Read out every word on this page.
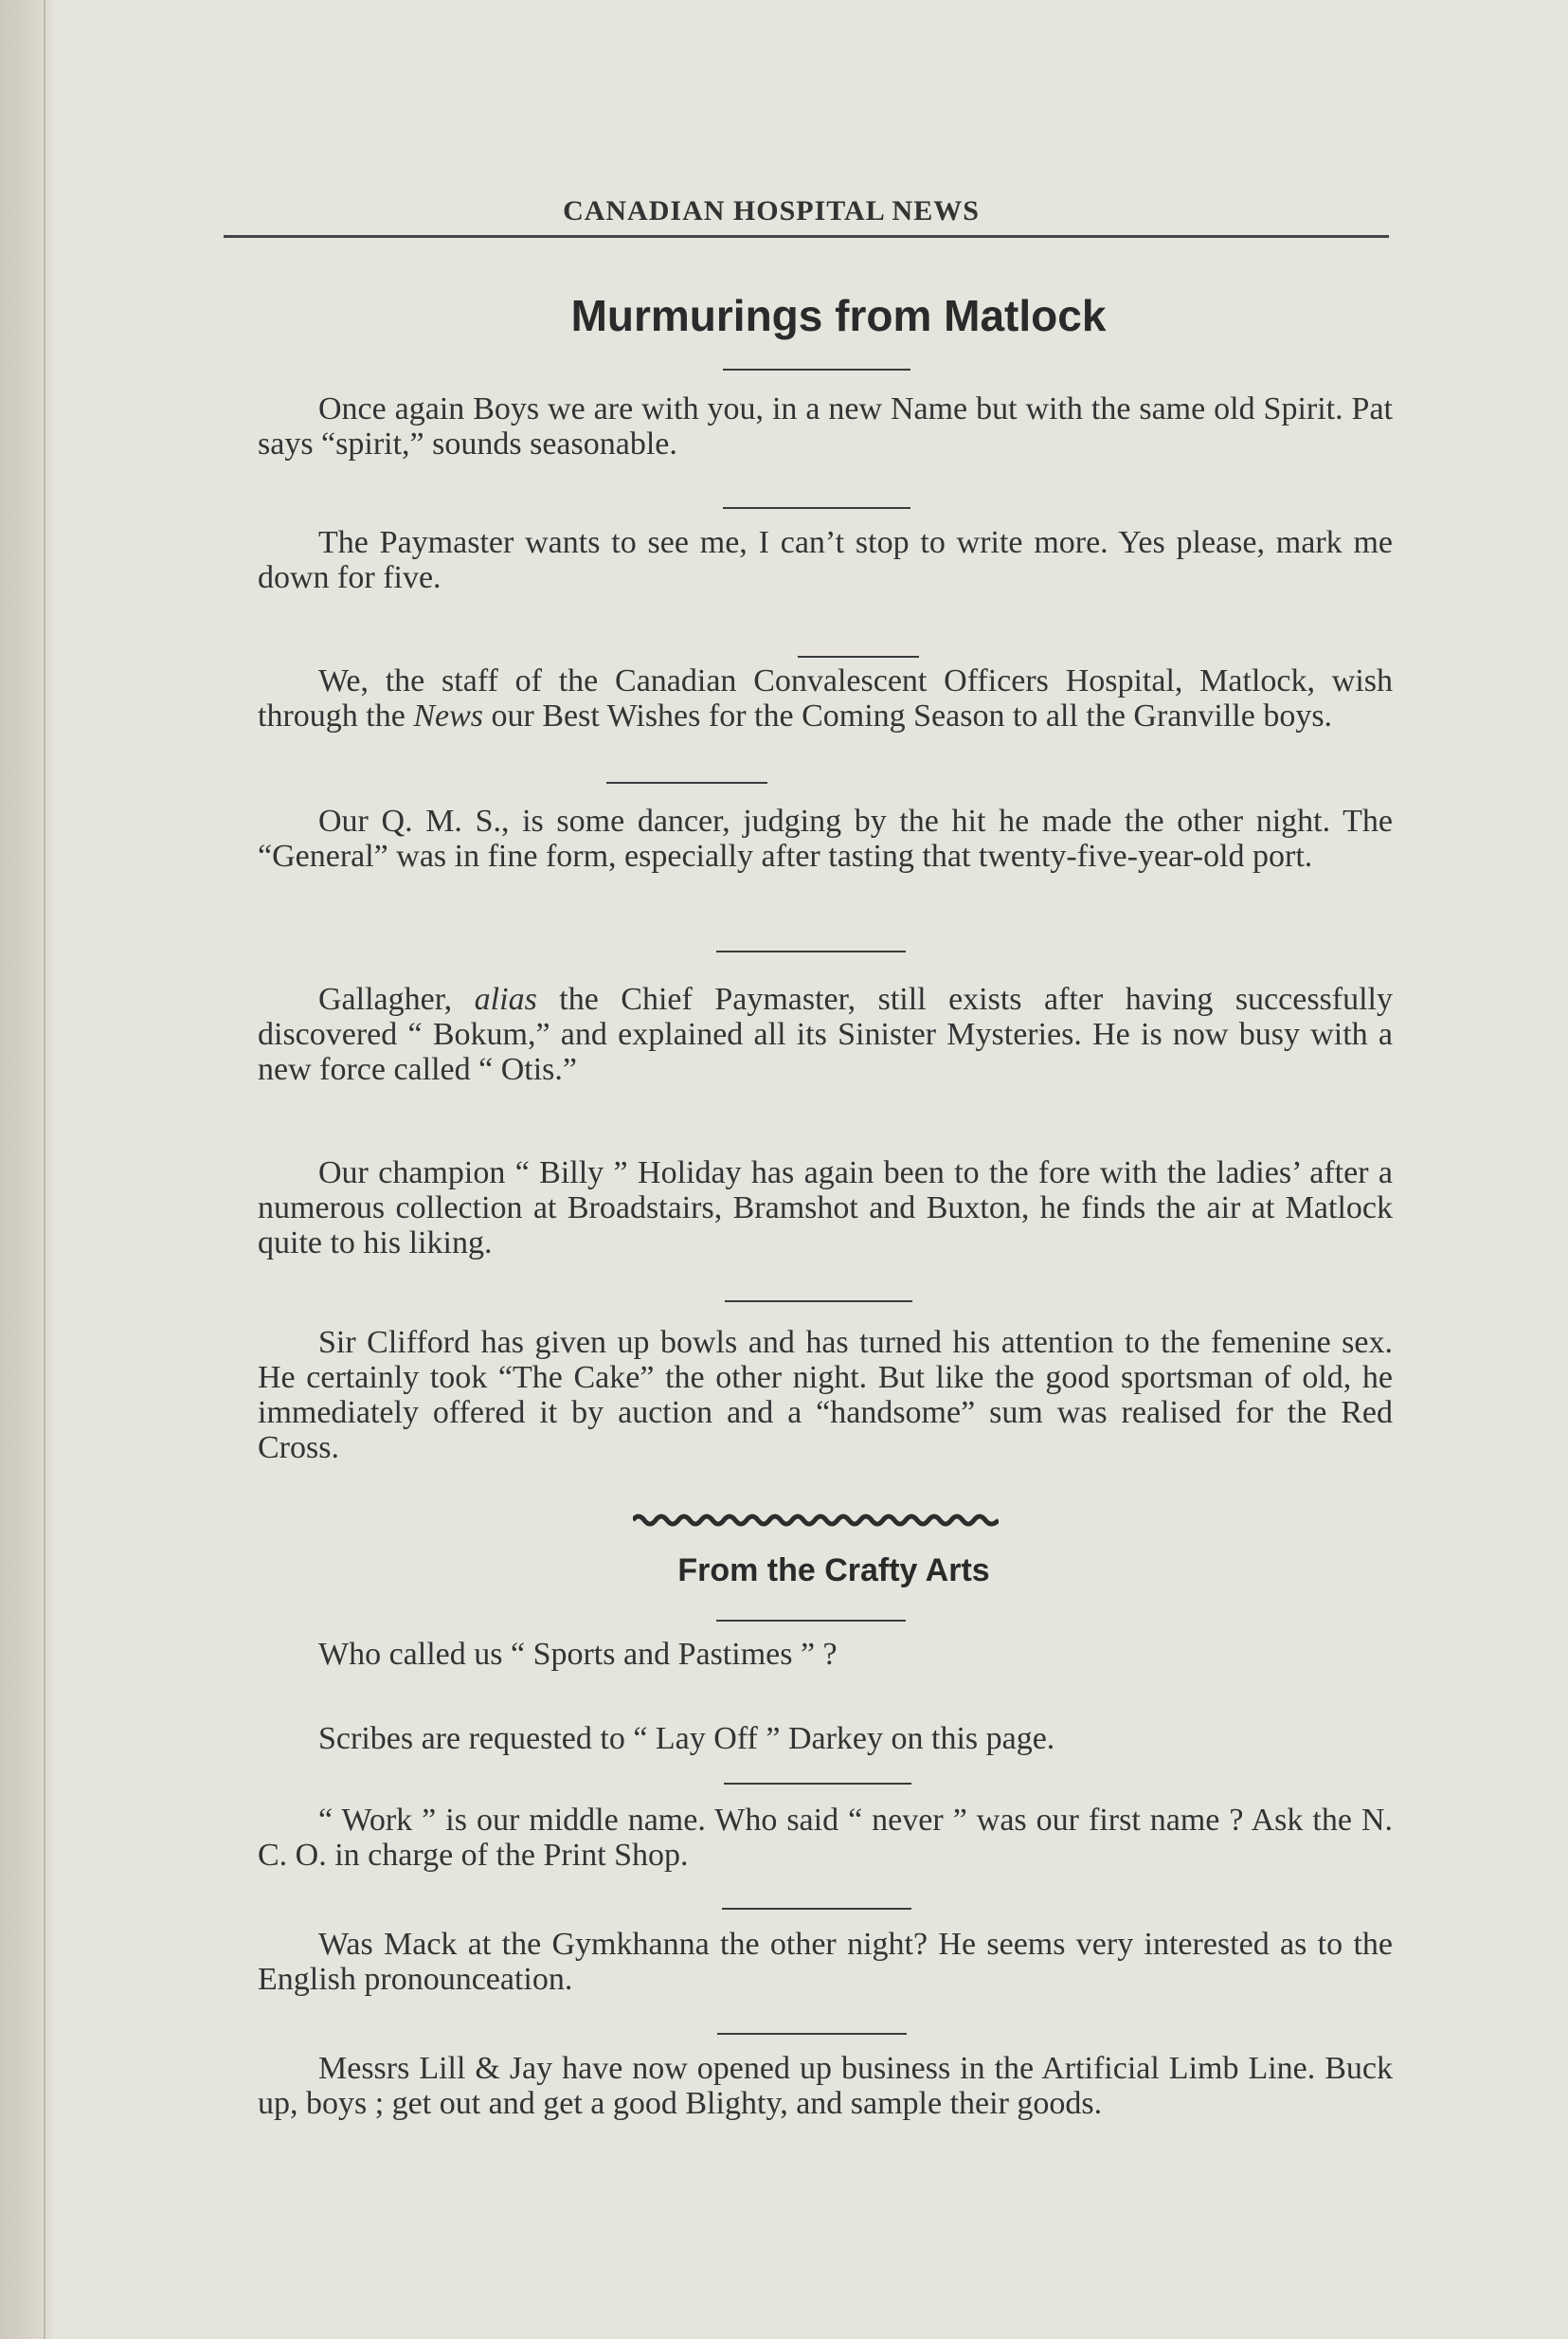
CANADIAN HOSPITAL NEWS
Murmurings from Matlock
Once again Boys we are with you, in a new Name but with the same old Spirit. Pat says “spirit,” sounds seasonable.
The Paymaster wants to see me, I can’t stop to write more. Yes please, mark me down for five.
We, the staff of the Canadian Convalescent Officers Hospital, Matlock, wish through the News our Best Wishes for the Coming Season to all the Granville boys.
Our Q. M. S., is some dancer, judging by the hit he made the other night. The “General” was in fine form, especially after tasting that twenty-five-year-old port.
Gallagher, alias the Chief Paymaster, still exists after having successfully discovered “ Bokum,” and explained all its Sinister Mysteries. He is now busy with a new force called “ Otis.”
Our champion “ Billy ” Holiday has again been to the fore with the ladies’ after a numerous collection at Broadstairs, Bramshot and Buxton, he finds the air at Matlock quite to his liking.
Sir Clifford has given up bowls and has turned his attention to the femenine sex. He certainly took “The Cake” the other night. But like the good sportsman of old, he immediately offered it by auction and a “handsome” sum was realised for the Red Cross.
From the Crafty Arts
Who called us “ Sports and Pastimes ” ?
Scribes are requested to “ Lay Off ” Darkey on this page.
“ Work ” is our middle name. Who said “ never ” was our first name ? Ask the N. C. O. in charge of the Print Shop.
Was Mack at the Gymkhanna the other night? He seems very interested as to the English pronounceation.
Messrs Lill & Jay have now opened up business in the Artificial Limb Line. Buck up, boys ; get out and get a good Blighty, and sample their goods.
